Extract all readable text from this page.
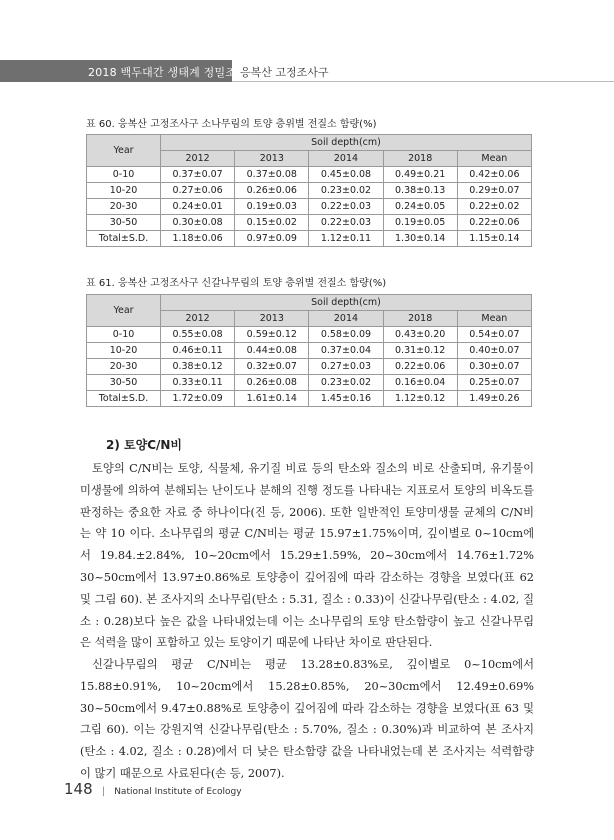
2018 백두대간 생태계 정밀조사
응복산 고정조사구
표 60. 응복산 고정조사구 소나무림의 토양 층위별 전질소 함량(%)
Year	Soil depth(cm)				
	2012	2013	2014	2018	Mean
0-10	0.37±0.07	0.37±0.08	0.45±0.08	0.49±0.21	0.42±0.06
10-20	0.27±0.06	0.26±0.06	0.23±0.02	0.38±0.13	0.29±0.07
20-30	0.24±0.01	0.19±0.03	0.22±0.03	0.24±0.05	0.22±0.02
30-50	0.30±0.08	0.15±0.02	0.22±0.03	0.19±0.05	0.22±0.06
Total±S.D.	1.18±0.06	0.97±0.09	1.12±0.11	1.30±0.14	1.15±0.14
표 61. 응복산 고정조사구 신갈나무림의 토양 층위별 전질소 함량(%)
Year	Soil depth(cm)				
	2012	2013	2014	2018	Mean
0-10	0.55±0.08	0.59±0.12	0.58±0.09	0.43±0.20	0.54±0.07
10-20	0.46±0.11	0.44±0.08	0.37±0.04	0.31±0.12	0.40±0.07
20-30	0.38±0.12	0.32±0.07	0.27±0.03	0.22±0.06	0.30±0.07
30-50	0.33±0.11	0.26±0.08	0.23±0.02	0.16±0.04	0.25±0.07
Total±S.D.	1.72±0.09	1.61±0.14	1.45±0.16	1.12±0.12	1.49±0.26
2) 토양C/N비

토양의 C/N비는 토양, 식물체, 유기질 비료 등의 탄소와 질소의 비로 산출되며, 유기물이 미생물에 의하여 분해되는 난이도나 분해의 진행 정도를 나타내는 지표로서 토양의 비옥도를 판정하는 중요한 자료 중 하나이다(진 등, 2006). 또한 일반적인 토양미생물 균체의 C/N비는 약 10 이다. 소나무림의 평균 C/N비는 평균 15.97±1.75%이며, 깊이별로 0~10cm에서 19.84.±2.84%, 10~20cm에서 15.29±1.59%, 20~30cm에서 14.76±1.72% 30~50cm에서 13.97±0.86%로 토양층이 깊어짐에 따라 감소하는 경향을 보였다(표 62 및 그림 60). 본 조사지의 소나무림(탄소 : 5.31, 질소 : 0.33)이 신갈나무림(탄소 : 4.02, 질소 : 0.28)보다 높은 값을 나타내었는데 이는 소나무림의 토양 탄소함량이 높고 신갈나무림은 석력을 많이 포함하고 있는 토양이기 때문에 나타난 차이로 판단된다.

신갈나무림의 평균 C/N비는 평균 13.28±0.83%로, 깊이별로 0~10cm에서 15.88±0.91%, 10~20cm에서 15.28±0.85%, 20~30cm에서 12.49±0.69% 30~50cm에서 9.47±0.88%로 토양층이 깊어짐에 따라 감소하는 경향을 보였다(표 63 및 그림 60). 이는 강원지역 신갈나무림(탄소 : 5.70%, 질소 : 0.30%)과 비교하여 본 조사지(탄소 : 4.02, 질소 : 0.28)에서 더 낮은 탄소함량 값을 나타내었는데 본 조사지는 석력함량이 많기 때문으로 사료된다(손 등, 2007).

148 | National Institute of Ecology
